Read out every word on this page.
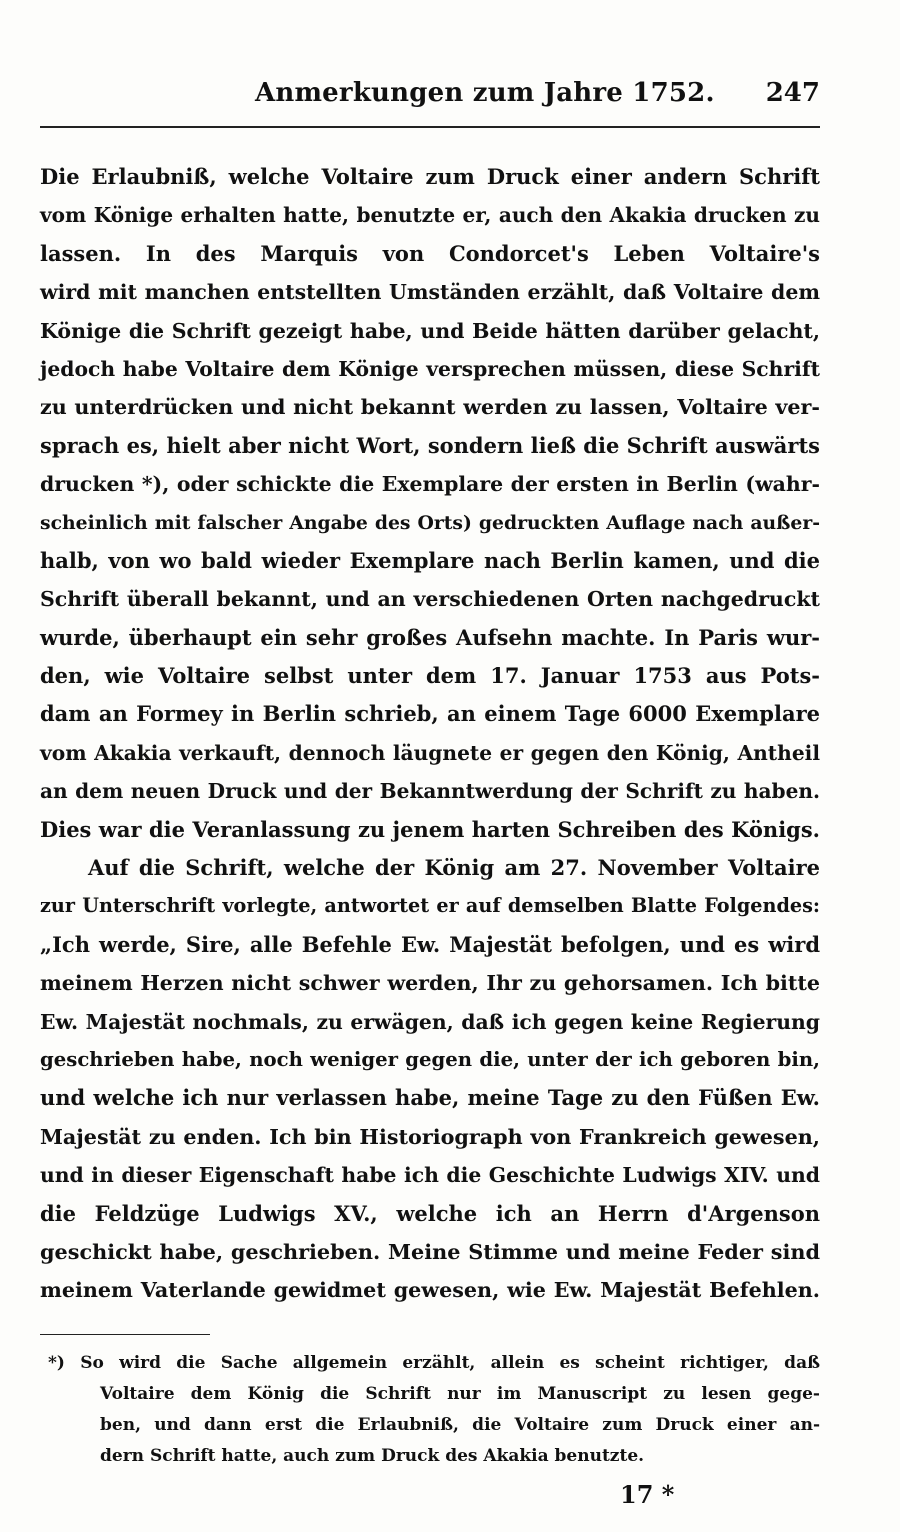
Anmerkungen zum Jahre 1752. 247
Die Erlaubniß, welche Voltaire zum Druck einer andern Schrift
vom Könige erhalten hatte, benutzte er, auch den Akakia drucken zu
lassen. In des Marquis von Condorcet's Leben Voltaire's
wird mit manchen entstellten Umständen erzählt, daß Voltaire dem
Könige die Schrift gezeigt habe, und Beide hätten darüber gelacht,
jedoch habe Voltaire dem Könige versprechen müssen, diese Schrift
zu unterdrücken und nicht bekannt werden zu lassen, Voltaire ver-
sprach es, hielt aber nicht Wort, sondern ließ die Schrift auswärts
drucken *), oder schickte die Exemplare der ersten in Berlin (wahr-
scheinlich mit falscher Angabe des Orts) gedruckten Auflage nach außer-
halb, von wo bald wieder Exemplare nach Berlin kamen, und die
Schrift überall bekannt, und an verschiedenen Orten nachgedruckt
wurde, überhaupt ein sehr großes Aufsehn machte. In Paris wur-
den, wie Voltaire selbst unter dem 17. Januar 1753 aus Pots-
dam an Formey in Berlin schrieb, an einem Tage 6000 Exemplare
vom Akakia verkauft, dennoch läugnete er gegen den König, Antheil
an dem neuen Druck und der Bekanntwerdung der Schrift zu haben.
Dies war die Veranlassung zu jenem harten Schreiben des Königs.
Auf die Schrift, welche der König am 27. November Voltaire
zur Unterschrift vorlegte, antwortet er auf demselben Blatte Folgendes:
„Ich werde, Sire, alle Befehle Ew. Majestät befolgen, und es wird
meinem Herzen nicht schwer werden, Ihr zu gehorsamen. Ich bitte
Ew. Majestät nochmals, zu erwägen, daß ich gegen keine Regierung
geschrieben habe, noch weniger gegen die, unter der ich geboren bin,
und welche ich nur verlassen habe, meine Tage zu den Füßen Ew.
Majestät zu enden. Ich bin Historiograph von Frankreich gewesen,
und in dieser Eigenschaft habe ich die Geschichte Ludwigs XIV. und
die Feldzüge Ludwigs XV., welche ich an Herrn d'Argenson
geschickt habe, geschrieben. Meine Stimme und meine Feder sind
meinem Vaterlande gewidmet gewesen, wie Ew. Majestät Befehlen.
*) So wird die Sache allgemein erzählt, allein es scheint richtiger, daß
Voltaire dem König die Schrift nur im Manuscript zu lesen gege-
ben, und dann erst die Erlaubniß, die Voltaire zum Druck einer an-
dern Schrift hatte, auch zum Druck des Akakia benutzte.
17 *
